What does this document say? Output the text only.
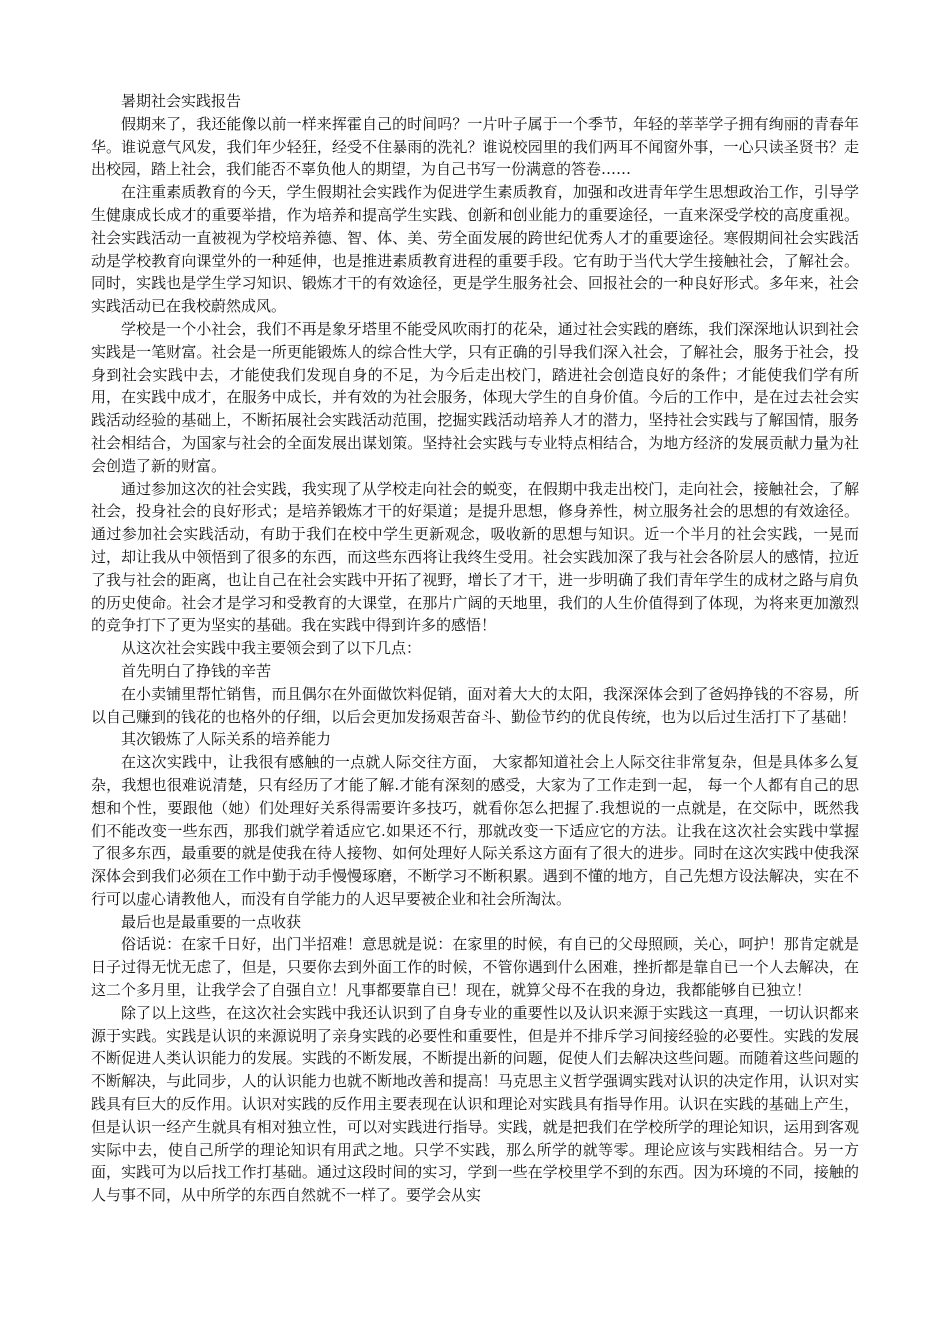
暑期社会实践报告

假期来了，我还能像以前一样来挥霍自己的时间吗？一片叶子属于一个季节，年轻的莘莘学子拥有绚丽的青春年华。谁说意气风发，我们年少轻狂，经受不住暴雨的洗礼？谁说校园里的我们两耳不闻窗外事，一心只读圣贤书？走出校园，踏上社会，我们能否不辜负他人的期望，为自己书写一份满意的答卷……

在注重素质教育的今天，学生假期社会实践作为促进学生素质教育，加强和改进青年学生思想政治工作，引导学生健康成长成才的重要举措，作为培养和提高学生实践、创新和创业能力的重要途径，一直来深受学校的高度重视。社会实践活动一直被视为学校培养德、智、体、美、劳全面发展的跨世纪优秀人才的重要途径。寒假期间社会实践活动是学校教育向课堂外的一种延伸，也是推进素质教育进程的重要手段。它有助于当代大学生接触社会，了解社会。同时，实践也是学生学习知识、锻炼才干的有效途径，更是学生服务社会、回报社会的一种良好形式。多年来，社会实践活动已在我校蔚然成风。

学校是一个小社会，我们不再是象牙塔里不能受风吹雨打的花朵，通过社会实践的磨练，我们深深地认识到社会实践是一笔财富。社会是一所更能锻炼人的综合性大学，只有正确的引导我们深入社会，了解社会，服务于社会，投身到社会实践中去，才能使我们发现自身的不足，为今后走出校门，踏进社会创造良好的条件；才能使我们学有所用，在实践中成才，在服务中成长，并有效的为社会服务，体现大学生的自身价值。今后的工作中，是在过去社会实践活动经验的基础上，不断拓展社会实践活动范围，挖掘实践活动培养人才的潜力，坚持社会实践与了解国情，服务社会相结合，为国家与社会的全面发展出谋划策。坚持社会实践与专业特点相结合，为地方经济的发展贡献力量为社会创造了新的财富。

通过参加这次的社会实践，我实现了从学校走向社会的蜕变，在假期中我走出校门，走向社会，接触社会，了解社会，投身社会的良好形式；是培养锻炼才干的好渠道；是提升思想，修身养性，树立服务社会的思想的有效途径。通过参加社会实践活动，有助于我们在校中学生更新观念，吸收新的思想与知识。近一个半月的社会实践，一晃而过，却让我从中领悟到了很多的东西，而这些东西将让我终生受用。社会实践加深了我与社会各阶层人的感情，拉近了我与社会的距离，也让自己在社会实践中开拓了视野，增长了才干，进一步明确了我们青年学生的成材之路与肩负的历史使命。社会才是学习和受教育的大课堂，在那片广阔的天地里，我们的人生价值得到了体现，为将来更加激烈的竞争打下了更为坚实的基础。我在实践中得到许多的感悟！

从这次社会实践中我主要领会到了以下几点：

首先明白了挣钱的辛苦

在小卖铺里帮忙销售，而且偶尔在外面做饮料促销，面对着大大的太阳，我深深体会到了爸妈挣钱的不容易，所以自己赚到的钱花的也格外的仔细，以后会更加发扬艰苦奋斗、勤俭节约的优良传统，也为以后过生活打下了基础！

其次锻炼了人际关系的培养能力

在这次实践中，让我很有感触的一点就人际交往方面， 大家都知道社会上人际交往非常复杂，但是具体多么复杂，我想也很难说清楚，只有经历了才能了解.才能有深刻的感受，大家为了工作走到一起， 每一个人都有自己的思想和个性，要跟他（她）们处理好关系得需要许多技巧，就看你怎么把握了.我想说的一点就是，在交际中，既然我们不能改变一些东西，那我们就学着适应它.如果还不行，那就改变一下适应它的方法。让我在这次社会实践中掌握了很多东西，最重要的就是使我在待人接物、如何处理好人际关系这方面有了很大的进步。同时在这次实践中使我深深体会到我们必须在工作中勤于动手慢慢琢磨，不断学习不断积累。遇到不懂的地方，自己先想方设法解决，实在不行可以虚心请教他人，而没有自学能力的人迟早要被企业和社会所淘汰。

最后也是最重要的一点收获

俗话说：在家千日好，出门半招难！意思就是说：在家里的时候，有自已的父母照顾，关心，呵护！那肯定就是日子过得无忧无虑了，但是，只要你去到外面工作的时候，不管你遇到什么困难，挫折都是靠自已一个人去解决，在这二个多月里，让我学会了自强自立！凡事都要靠自已！现在，就算父母不在我的身边，我都能够自已独立！

除了以上这些，在这次社会实践中我还认识到了自身专业的重要性以及认识来源于实践这一真理，一切认识都来源于实践。实践是认识的来源说明了亲身实践的必要性和重要性，但是并不排斥学习间接经验的必要性。实践的发展不断促进人类认识能力的发展。实践的不断发展，不断提出新的问题，促使人们去解决这些问题。而随着这些问题的不断解决，与此同步，人的认识能力也就不断地改善和提高！马克思主义哲学强调实践对认识的决定作用，认识对实践具有巨大的反作用。认识对实践的反作用主要表现在认识和理论对实践具有指导作用。认识在实践的基础上产生，但是认识一经产生就具有相对独立性，可以对实践进行指导。实践，就是把我们在学校所学的理论知识，运用到客观实际中去，使自己所学的理论知识有用武之地。只学不实践，那么所学的就等零。理论应该与实践相结合。另一方面，实践可为以后找工作打基础。通过这段时间的实习，学到一些在学校里学不到的东西。因为环境的不同，接触的人与事不同，从中所学的东西自然就不一样了。要学会从实
